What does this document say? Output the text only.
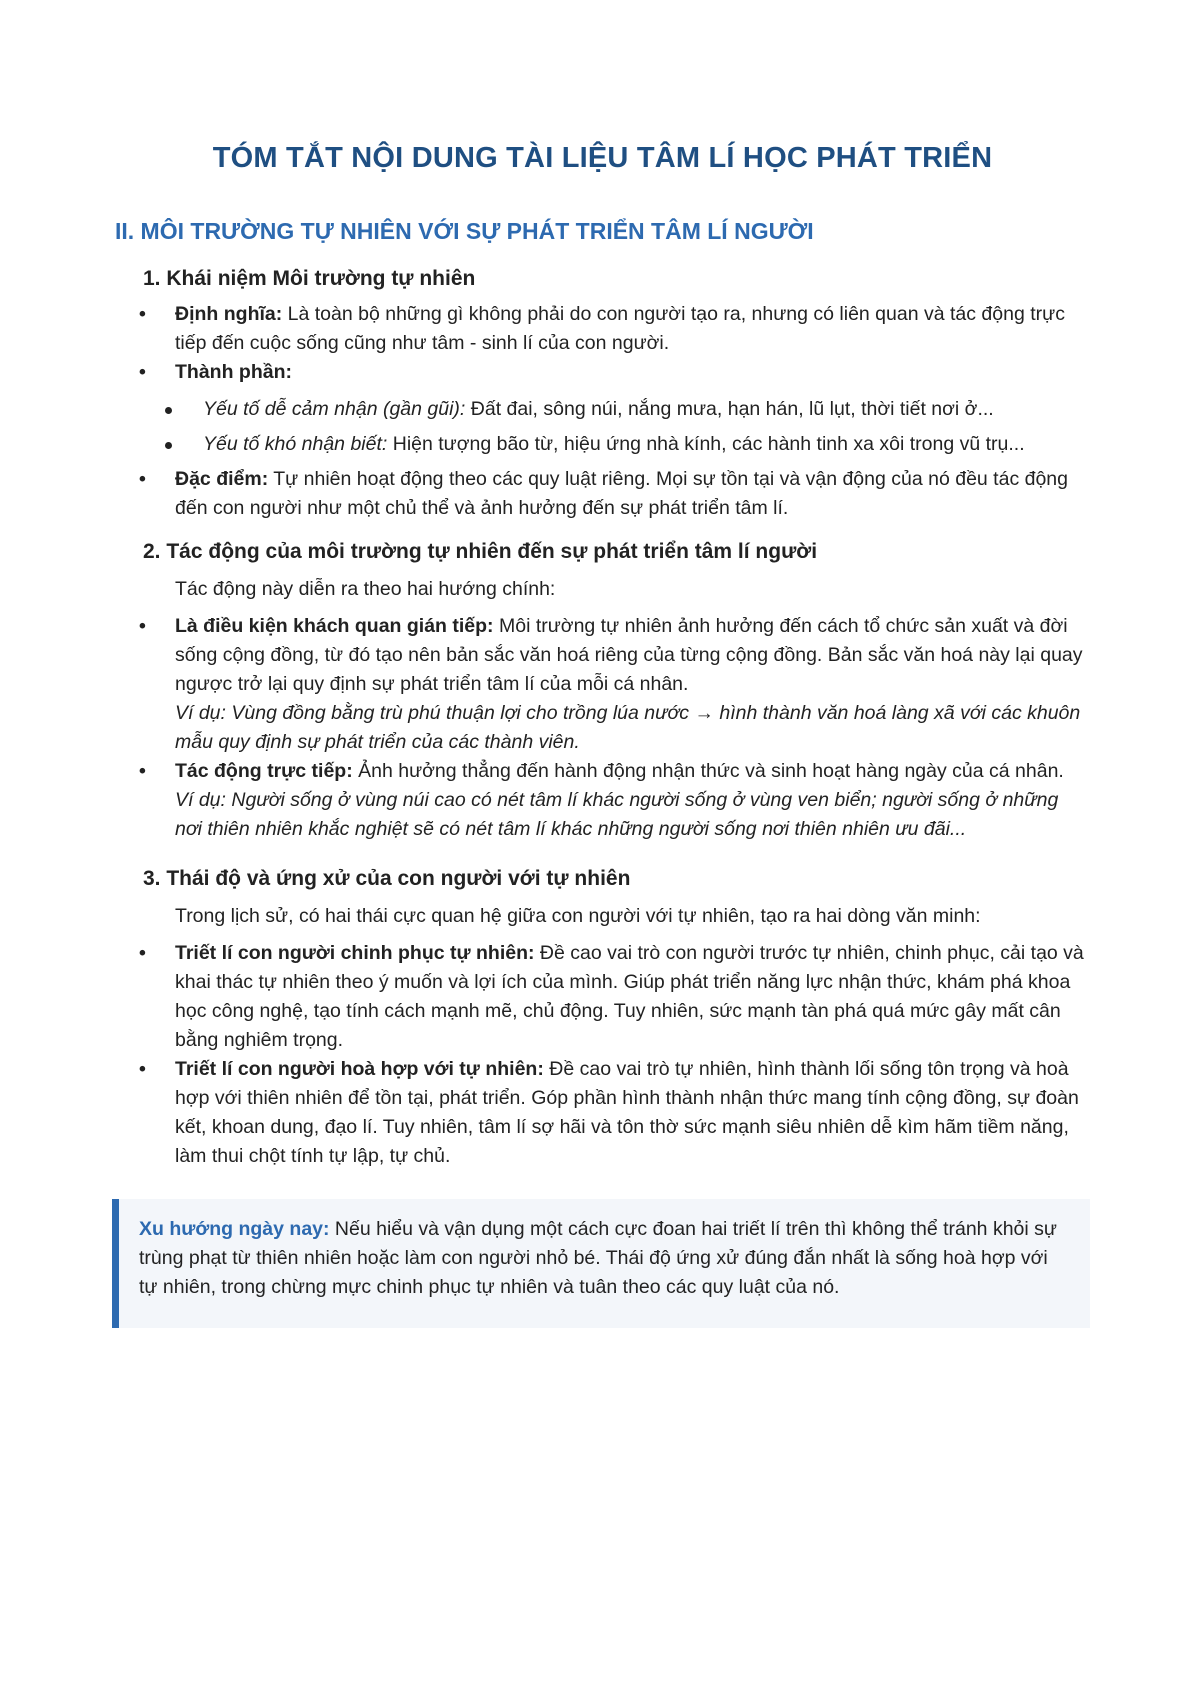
TÓM TẮT NỘI DUNG TÀI LIỆU TÂM LÍ HỌC PHÁT TRIỂN
II. MÔI TRƯỜNG TỰ NHIÊN VỚI SỰ PHÁT TRIỂN TÂM LÍ NGƯỜI
1. Khái niệm Môi trường tự nhiên
•	Định nghĩa: Là toàn bộ những gì không phải do con người tạo ra, nhưng có liên quan và tác động trực tiếp đến cuộc sống cũng như tâm - sinh lí của con người.
•	Thành phần:
Yếu tố dễ cảm nhận (gần gũi): Đất đai, sông núi, nắng mưa, hạn hán, lũ lụt, thời tiết nơi ở...
Yếu tố khó nhận biết: Hiện tượng bão từ, hiệu ứng nhà kính, các hành tinh xa xôi trong vũ trụ...
•	Đặc điểm: Tự nhiên hoạt động theo các quy luật riêng. Mọi sự tồn tại và vận động của nó đều tác động đến con người như một chủ thể và ảnh hưởng đến sự phát triển tâm lí.
2. Tác động của môi trường tự nhiên đến sự phát triển tâm lí người

Tác động này diễn ra theo hai hướng chính:

•	Là điều kiện khách quan gián tiếp: Môi trường tự nhiên ảnh hưởng đến cách tổ chức sản xuất và đời sống cộng đồng, từ đó tạo nên bản sắc văn hoá riêng của từng cộng đồng. Bản sắc văn hoá này lại quay ngược trở lại quy định sự phát triển tâm lí của mỗi cá nhân.
Ví dụ: Vùng đồng bằng trù phú thuận lợi cho trồng lúa nước → hình thành văn hoá làng xã với các khuôn mẫu quy định sự phát triển của các thành viên.
•	Tác động trực tiếp: Ảnh hưởng thẳng đến hành động nhận thức và sinh hoạt hàng ngày của cá nhân.
Ví dụ: Người sống ở vùng núi cao có nét tâm lí khác người sống ở vùng ven biển; người sống ở những nơi thiên nhiên khắc nghiệt sẽ có nét tâm lí khác những người sống nơi thiên nhiên ưu đãi...
3. Thái độ và ứng xử của con người với tự nhiên

Trong lịch sử, có hai thái cực quan hệ giữa con người với tự nhiên, tạo ra hai dòng văn minh:

•	Triết lí con người chinh phục tự nhiên: Đề cao vai trò con người trước tự nhiên, chinh phục, cải tạo và khai thác tự nhiên theo ý muốn và lợi ích của mình. Giúp phát triển năng lực nhận thức, khám phá khoa học công nghệ, tạo tính cách mạnh mẽ, chủ động. Tuy nhiên, sức mạnh tàn phá quá mức gây mất cân bằng nghiêm trọng.
•	Triết lí con người hoà hợp với tự nhiên: Đề cao vai trò tự nhiên, hình thành lối sống tôn trọng và hoà hợp với thiên nhiên để tồn tại, phát triển. Góp phần hình thành nhận thức mang tính cộng đồng, sự đoàn kết, khoan dung, đạo lí. Tuy nhiên, tâm lí sợ hãi và tôn thờ sức mạnh siêu nhiên dễ kìm hãm tiềm năng, làm thui chột tính tự lập, tự chủ.
Xu hướng ngày nay: Nếu hiểu và vận dụng một cách cực đoan hai triết lí trên thì không thể tránh khỏi sự trùng phạt từ thiên nhiên hoặc làm con người nhỏ bé. Thái độ ứng xử đúng đắn nhất là sống hoà hợp với tự nhiên, trong chừng mực chinh phục tự nhiên và tuân theo các quy luật của nó.
